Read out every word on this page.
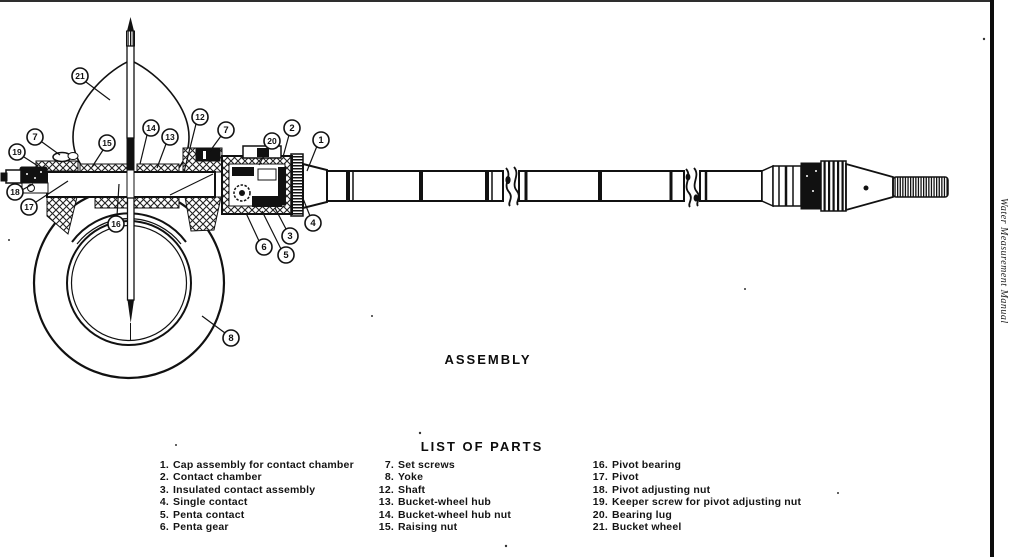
Water Measurement Manual
21
7
19
18
17
15
14
13
12
7
20
2
1
16	4
3
5
6
8
ASSEMBLY
LIST OF PARTS
1. Cap assembly for contact chamber
2. Contact chamber
3. Insulated contact assembly
4. Single contact
5. Penta contact
6. Penta gear
7. Set screws
8. Yoke
12. Shaft
13. Bucket-wheel hub
14. Bucket-wheel hub nut
15. Raising nut
16. Pivot bearing
17. Pivot
18. Pivot adjusting nut
19. Keeper screw for pivot adjusting nut
20. Bearing lug
21. Bucket wheel
